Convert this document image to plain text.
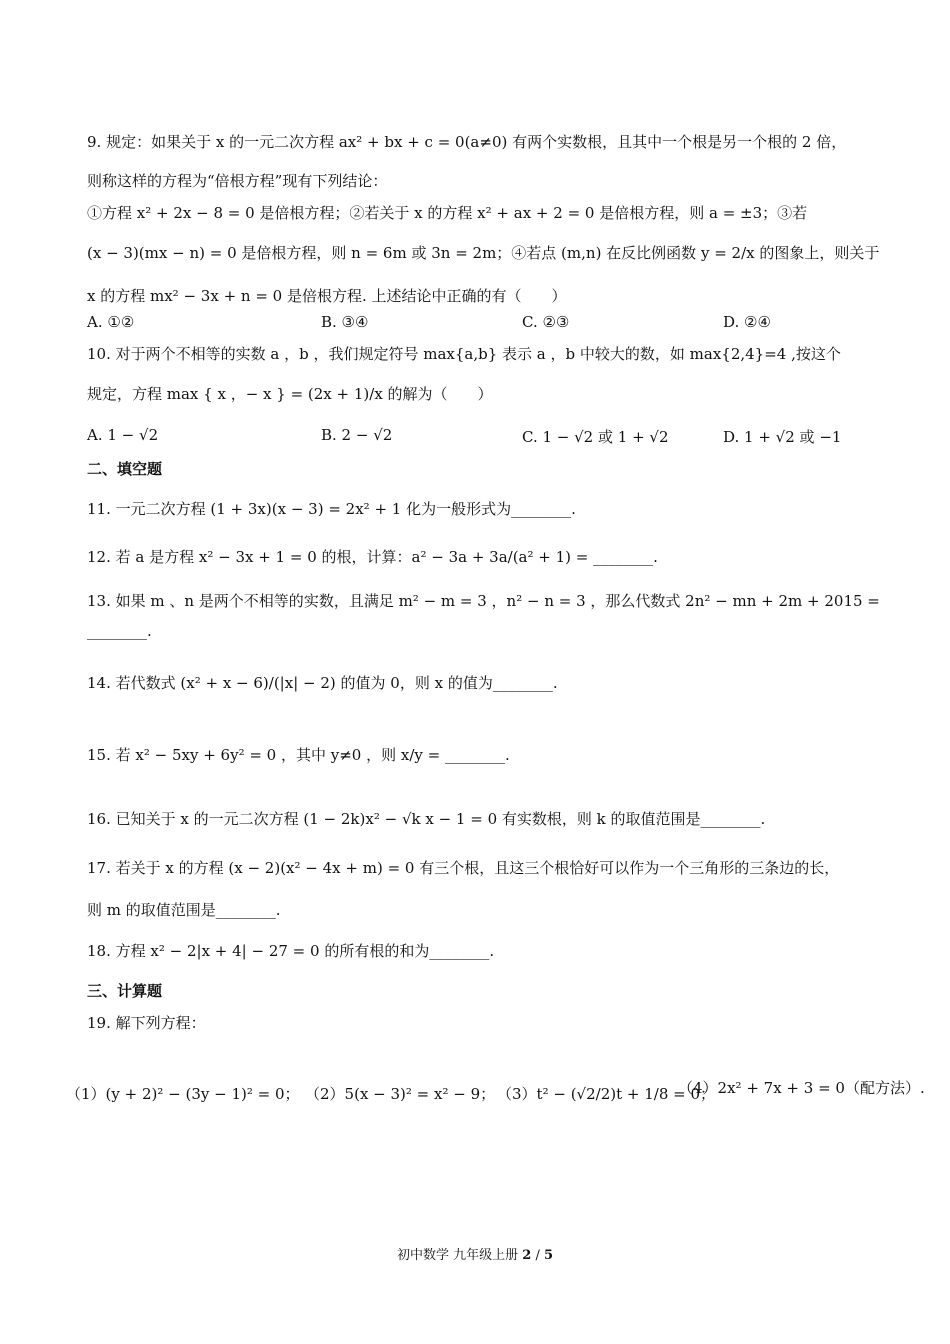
9. 规定：如果关于 x 的一元二次方程 ax² + bx + c = 0(a≠0) 有两个实数根，且其中一个根是另一个根的 2 倍，
则称这样的方程为“倍根方程”现有下列结论：
①方程 x² + 2x − 8 = 0 是倍根方程；②若关于 x 的方程 x² + ax + 2 = 0 是倍根方程，则 a = ±3；③若
(x − 3)(mx − n) = 0 是倍根方程，则 n = 6m 或 3n = 2m；④若点 (m,n) 在反比例函数 y = 2/x 的图象上，则关于
x 的方程 mx² − 3x + n = 0 是倍根方程. 上述结论中正确的有（　　）
A. ①②	B. ③④	C. ②③	D. ②④
10. 对于两个不相等的实数 a ，b ，我们规定符号 max{a,b} 表示 a ，b 中较大的数，如 max{2,4}=4 ,按这个
规定，方程 max { x ，− x } = (2x + 1)/x 的解为（　　）
A. 1 − √2	B. 2 − √2	C. 1 − √2 或 1 + √2	D. 1 + √2 或 −1
二、填空题
11. 一元二次方程 (1 + 3x)(x − 3) = 2x² + 1 化为一般形式为________.
12. 若 a 是方程 x² − 3x + 1 = 0 的根，计算：a² − 3a + 3a/(a² + 1) = ________.
13. 如果 m 、n 是两个不相等的实数，且满足 m² − m = 3 ，n² − n = 3 ，那么代数式 2n² − mn + 2m + 2015 =
________.
14. 若代数式 (x² + x − 6)/(|x| − 2) 的值为 0，则 x 的值为________.
15. 若 x² − 5xy + 6y² = 0 ，其中 y≠0 ，则 x/y = ________.
16. 已知关于 x 的一元二次方程 (1 − 2k)x² − √k x − 1 = 0 有实数根，则 k 的取值范围是________.
17. 若关于 x 的方程 (x − 2)(x² − 4x + m) = 0 有三个根，且这三个根恰好可以作为一个三角形的三条边的长，
则 m 的取值范围是________.
18. 方程 x² − 2|x + 4| − 27 = 0 的所有根的和为________.
三、计算题
19. 解下列方程：
（1）(y + 2)² − (3y − 1)² = 0； （2）5(x − 3)² = x² − 9； （3）t² − (√2/2)t + 1/8 = 0；
（4）2x² + 7x + 3 = 0（配方法）.
初中数学 九年级上册 2 / 5
